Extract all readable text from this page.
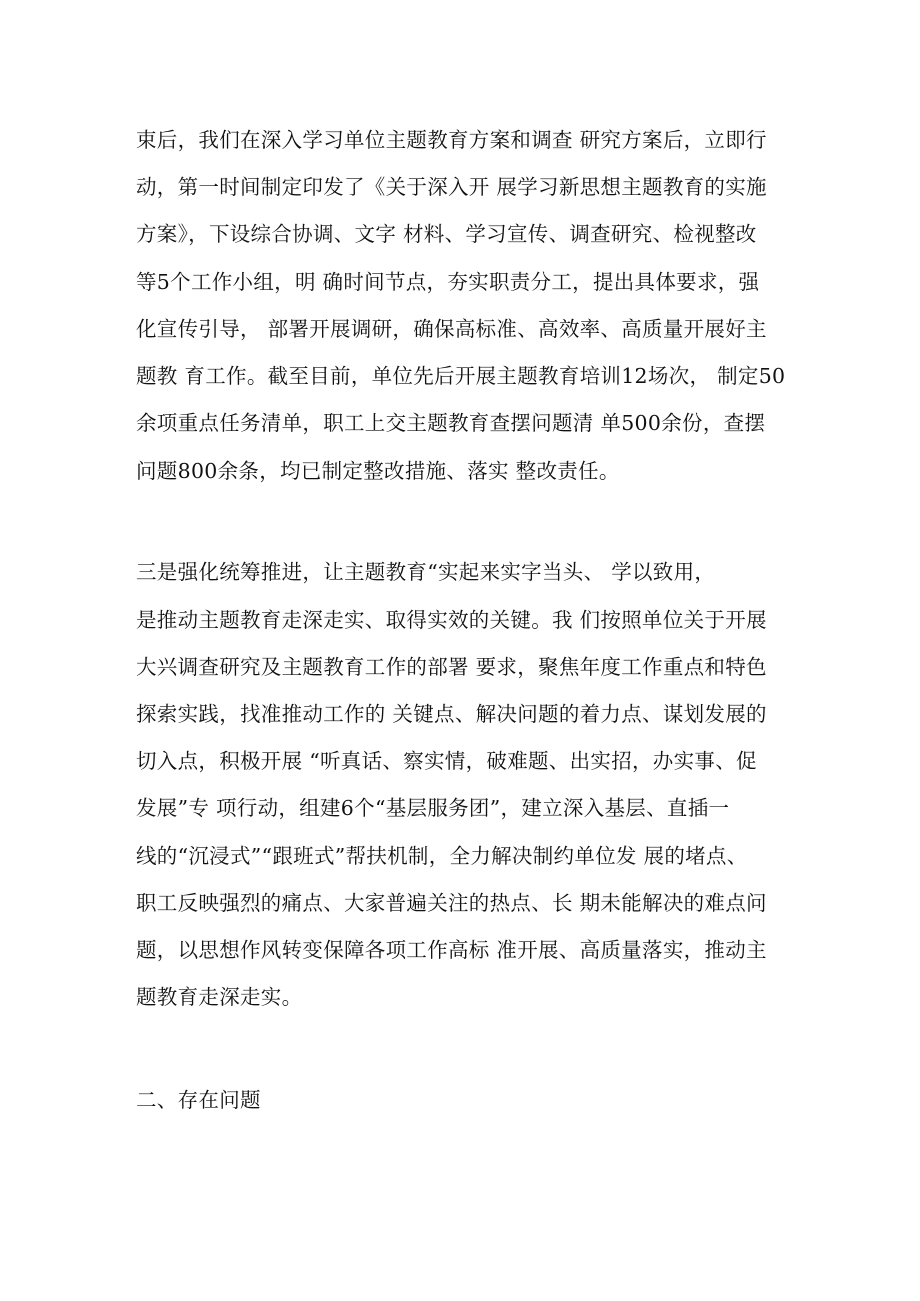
束后，我们在深入学习单位主题教育方案和调查 研究方案后，立即行
动，第一时间制定印发了《关于深入开 展学习新思想主题教育的实施
方案》，下设综合协调、文字 材料、学习宣传、调查研究、检视整改
等5个工作小组，明 确时间节点，夯实职责分工，提出具体要求，强
化宣传引导， 部署开展调研，确保高标准、高效率、高质量开展好主
题教 育工作。截至目前，单位先后开展主题教育培训12场次， 制定50
余项重点任务清单，职工上交主题教育查摆问题清 单500余份，查摆
问题800余条，均已制定整改措施、落实 整改责任。
三是强化统筹推进，让主题教育“实起来实字当头、 学以致用，
是推动主题教育走深走实、取得实效的关键。我 们按照单位关于开展
大兴调查研究及主题教育工作的部署 要求，聚焦年度工作重点和特色
探索实践，找准推动工作的 关键点、解决问题的着力点、谋划发展的
切入点，积极开展 “听真话、察实情，破难题、出实招，办实事、促
发展”专 项行动，组建6个“基层服务团”，建立深入基层、直插一
线的“沉浸式”“跟班式”帮扶机制，全力解决制约单位发 展的堵点、
职工反映强烈的痛点、大家普遍关注的热点、长 期未能解决的难点问
题，以思想作风转变保障各项工作高标 准开展、高质量落实，推动主
题教育走深走实。
二、存在问题
